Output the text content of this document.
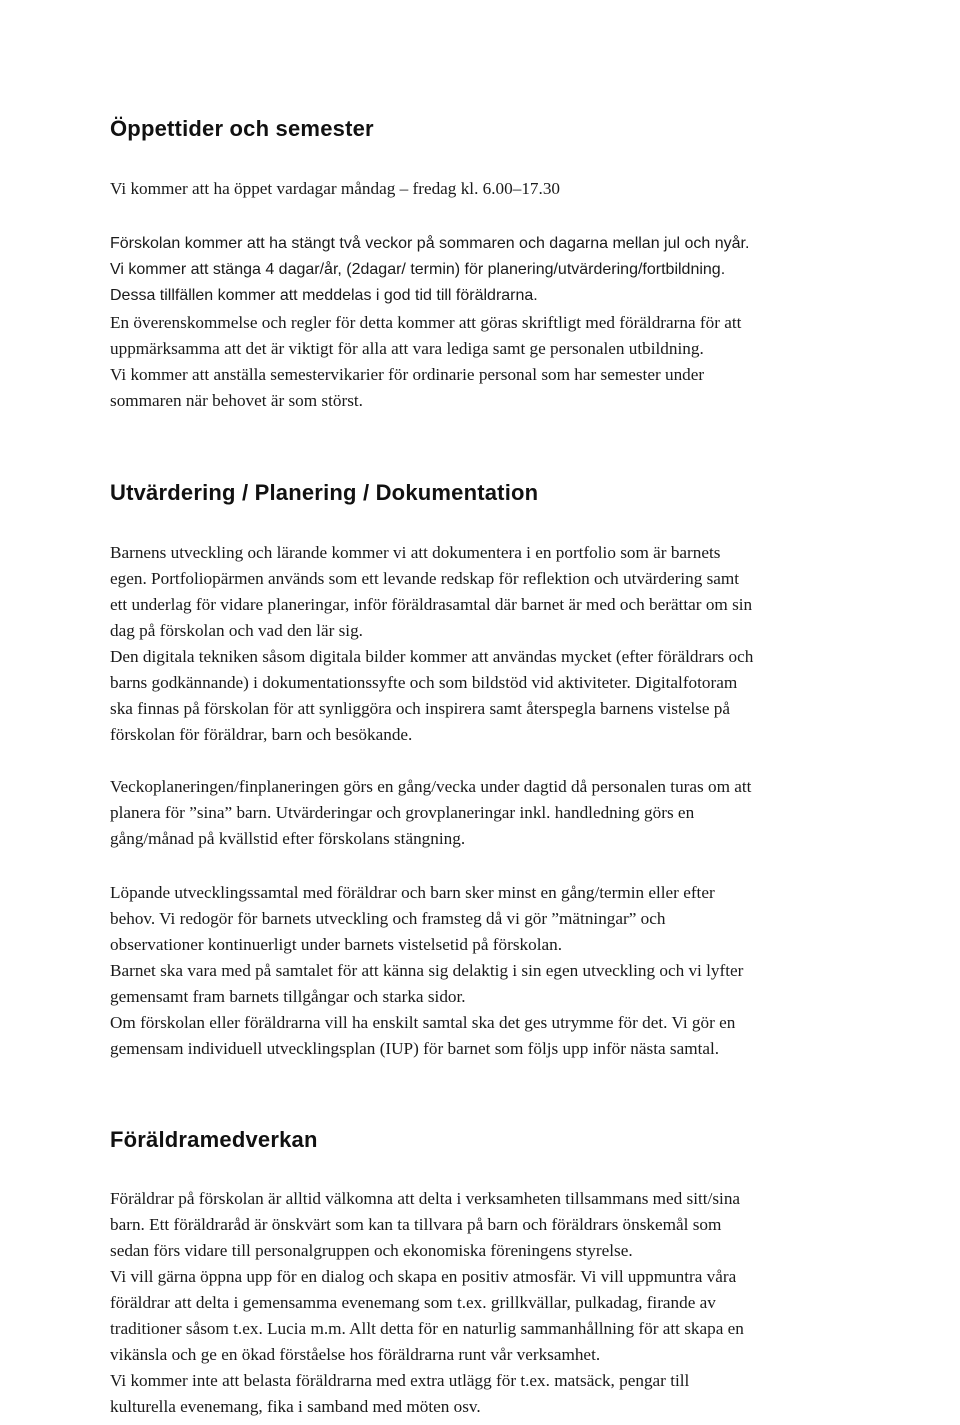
Öppettider och semester

Vi kommer att ha öppet vardagar måndag – fredag kl. 6.00–17.30

Förskolan kommer att ha stängt två veckor på sommaren och dagarna mellan jul och nyår.

Vi kommer att stänga 4 dagar/år, (2dagar/ termin) för planering/utvärdering/fortbildning.

Dessa tillfällen kommer att meddelas i god tid till föräldrarna.

En överenskommelse och regler för detta kommer att göras skriftligt med föräldrarna för att

uppmärksamma att det är viktigt för alla att vara lediga samt ge personalen utbildning.

Vi kommer att anställa semestervikarier för ordinarie personal som har semester under

sommaren när behovet är som störst.

Utvärdering / Planering / Dokumentation

Barnens utveckling och lärande kommer vi att dokumentera i en portfolio som är barnets

egen. Portfoliopärmen används som ett levande redskap för reflektion och utvärdering samt

ett underlag för vidare planeringar, inför föräldrasamtal där barnet är med och berättar om sin

dag på förskolan och vad den lär sig.

Den digitala tekniken såsom digitala bilder kommer att användas mycket (efter föräldrars och

barns godkännande) i dokumentationssyfte och som bildstöd vid aktiviteter. Digitalfotoram

ska finnas på förskolan för att synliggöra och inspirera samt återspegla barnens vistelse på

förskolan för föräldrar, barn och besökande.

Veckoplaneringen/finplaneringen görs en gång/vecka under dagtid då personalen turas om att

planera för ”sina” barn. Utvärderingar och grovplaneringar inkl. handledning görs en

gång/månad på kvällstid efter förskolans stängning.

Löpande utvecklingssamtal med föräldrar och barn sker minst en gång/termin eller efter

behov. Vi redogör för barnets utveckling och framsteg då vi gör ”mätningar” och

observationer kontinuerligt under barnets vistelsetid på förskolan.

Barnet ska vara med på samtalet för att känna sig delaktig i sin egen utveckling och vi lyfter

gemensamt fram barnets tillgångar och starka sidor.

Om förskolan eller föräldrarna vill ha enskilt samtal ska det ges utrymme för det. Vi gör en

gemensam individuell utvecklingsplan (IUP) för barnet som följs upp inför nästa samtal.

Föräldramedverkan

Föräldrar på förskolan är alltid välkomna att delta i verksamheten tillsammans med sitt/sina

barn. Ett föräldraråd är önskvärt som kan ta tillvara på barn och föräldrars önskemål som

sedan förs vidare till personalgruppen och ekonomiska föreningens styrelse.

Vi vill gärna öppna upp för en dialog och skapa en positiv atmosfär. Vi vill uppmuntra våra

föräldrar att delta i gemensamma evenemang som t.ex. grillkvällar, pulkadag, firande av

traditioner såsom t.ex. Lucia m.m. Allt detta för en naturlig sammanhållning för att skapa en

vikänsla och ge en ökad förståelse hos föräldrarna runt vår verksamhet.

Vi kommer inte att belasta föräldrarna med extra utlägg för t.ex. matsäck, pengar till

kulturella evenemang, fika i samband med möten osv.
